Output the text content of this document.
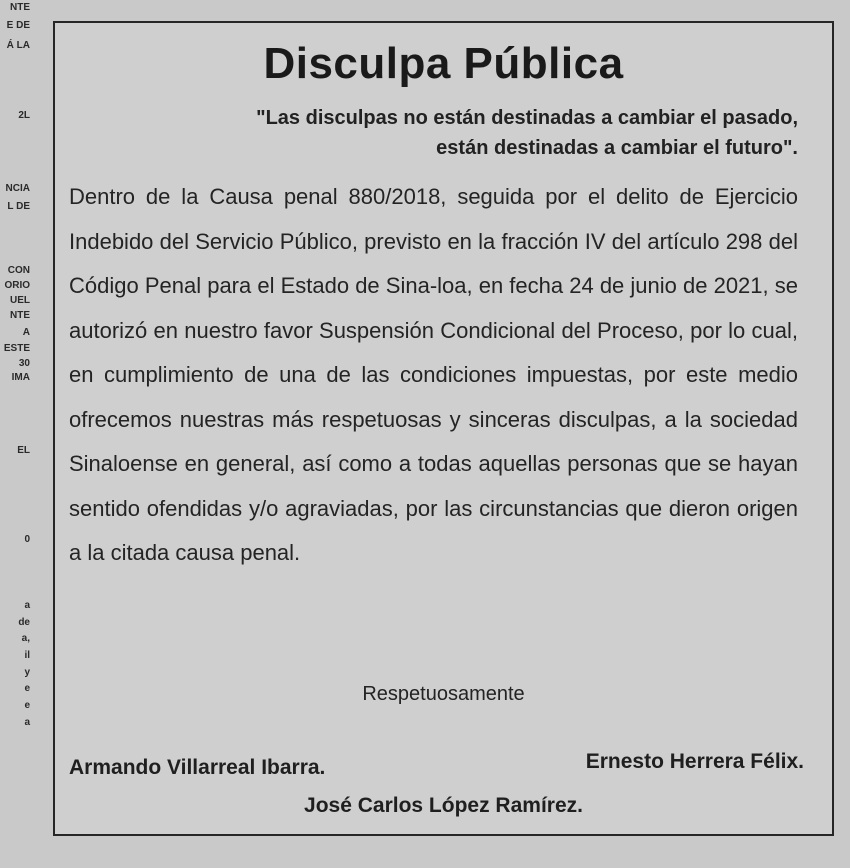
NTE
E DE
Á LA
2L
NCIA
L DE
CON
ORIO
UEL
NTE
A
ESTE
30
IMA
EL
0
a
de
a,
il
y
e
e
a
Disculpa Pública
"Las disculpas no están destinadas a cambiar el pasado,
están destinadas a cambiar el futuro".
Dentro de la Causa penal 880/2018, seguida por el delito de Ejercicio Indebido del Servicio Público, previsto en la fracción IV del artículo 298 del Código Penal para el Estado de Sina-loa, en fecha 24 de junio de 2021, se autorizó en nuestro favor Suspensión Condicional del Proceso, por lo cual, en cumplimiento de una de las condiciones impuestas, por este medio ofrecemos nuestras más respetuosas y sinceras disculpas, a la sociedad Sinaloense en general, así como a todas aquellas personas que se hayan sentido ofendidas y/o agraviadas, por las circunstancias que dieron origen a la citada causa penal.
Respetuosamente
Armando Villarreal Ibarra.	Ernesto Herrera Félix.
José Carlos López Ramírez.
